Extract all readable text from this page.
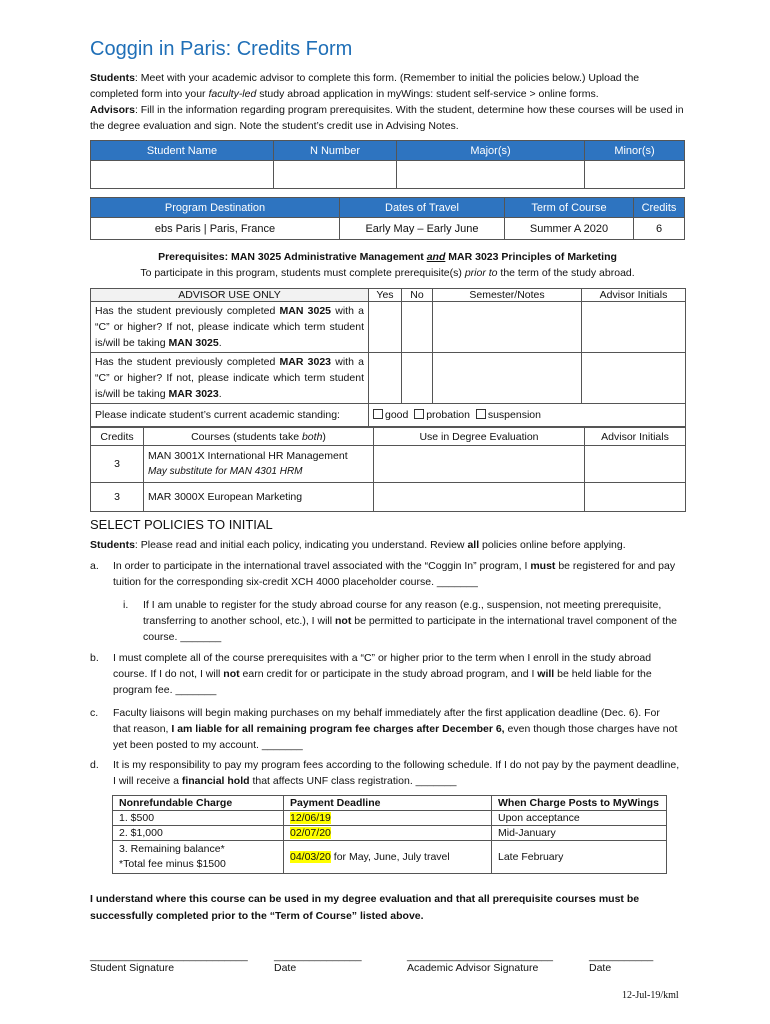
Coggin in Paris: Credits Form
Students: Meet with your academic advisor to complete this form. (Remember to initial the policies below.) Upload the completed form into your faculty-led study abroad application in myWings: student self-service > online forms.
Advisors: Fill in the information regarding program prerequisites. With the student, determine how these courses will be used in the degree evaluation and sign. Note the student’s credit use in Advising Notes.
Student Name	N Number	Major(s)	Minor(s)

Program Destination	Dates of Travel	Term of Course	Credits
ebs Paris | Paris, France	Early May – Early June	Summer A 2020	6
Prerequisites: MAN 3025 Administrative Management and MAR 3023 Principles of Marketing
To participate in this program, students must complete prerequisite(s) prior to the term of the study abroad.
ADVISOR USE ONLY	Yes	No	Semester/Notes	Advisor Initials
Has the student previously completed MAN 3025 with a “C” or higher? If not, please indicate which term student is/will be taking MAN 3025.				
Has the student previously completed MAR 3023 with a “C” or higher? If not, please indicate which term student is/will be taking MAR 3023.				
Please indicate student’s current academic standing:	good probation suspension			
Credits	Courses (students take both)	Use in Degree Evaluation	Advisor Initials
3	MAN 3001X International HR Management
May substitute for MAN 4301 HRM		
3	MAR 3000X European Marketing		
SELECT POLICIES TO INITIAL
Students: Please read and initial each policy, indicating you understand. Review all policies online before applying.
a. In order to participate in the international travel associated with the “Coggin In” program, I must be registered for and pay tuition for the corresponding six-credit XCH 4000 placeholder course. _______
i. If I am unable to register for the study abroad course for any reason (e.g., suspension, not meeting prerequisite, transferring to another school, etc.), I will not be permitted to participate in the international travel component of the course. _______
b. I must complete all of the course prerequisites with a “C” or higher prior to the term when I enroll in the study abroad course. If I do not, I will not earn credit for or participate in the study abroad program, and I will be held liable for the program fee. _______
c. Faculty liaisons will begin making purchases on my behalf immediately after the first application deadline (Dec. 6). For that reason, I am liable for all remaining program fee charges after December 6, even though those charges have not yet been posted to my account. _______
d. It is my responsibility to pay my program fees according to the following schedule. If I do not pay by the payment deadline, I will receive a financial hold that affects UNF class registration. _______
Nonrefundable Charge	Payment Deadline	When Charge Posts to MyWings
1. $500	12/06/19	Upon acceptance
2. $1,000	02/07/20	Mid-January
3. Remaining balance*
*Total fee minus $1500	04/03/20 for May, June, July travel	Late February
I understand where this course can be used in my degree evaluation and that all prerequisite courses must be successfully completed prior to the “Term of Course” listed above.
___________________________	_______________	_________________________	___________
Student Signature	Date	Academic Advisor Signature	Date
12-Jul-19/kml
